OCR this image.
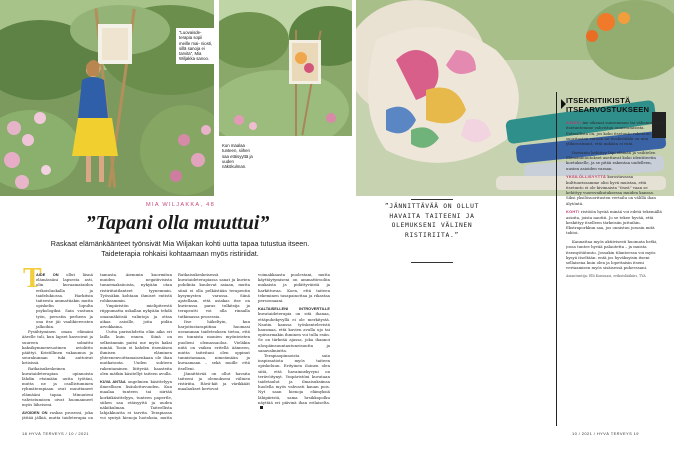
”Luovaisde- terapia sopii meille mai- niosti, sillä sanoja ei tarvita”, Mia Wiljakka sanoo.
Kun maalaa tunteen, siihen saa etäisyyttä ja uuden näkökulman.
MIA WILJAKKA, 48
”Tapani olla muuttui”

Raskaat elämänkäänteet työnsivät Mia Wiljakan kohti uutta tapaa tutustua itseen. Taideterapia rohkaisi kohtaamaan myös ristiriidat.

”JÄNNITTÄVÄÄ ON OLLUT HAVAITA TAITEENI JA OLEMUKSENI VÄLINEN RISTIRIITA.”

T

AIDE ON ollut läsnä elämässäni lapsesta asti, olin kuvaamataidon erikoisluokalla ja taidelukiossa. Harkitsin taiteesta ammattiakin mutta opiskelin lopulta psykologiksi. Sain vastuun työn, perustin perheen ja ona itse jäi vaalikierrosten jalkoihin.

Pysähtyminen oman elämäni äärelle tuli, kun lapset kasvoivat ja suureen solmittu kaksikymmenvuotinen avioliitto päättyi. Kristillinen vakaumus ja seurakunnan tuki auttoivat kriisissä.

Ratkaisukeskeinen kuvataideterapian opinnoista lähdin etsimään uutta työtäni, mutta ne ja osallistuminen ryhmäterapiaan ovat muuttaneet elämääni tapaa. Minuuteni vahvistumisen oivat huomanneet myös läheiseni.

AVOIDEN ON raskas prosessi, joka jättää jälkiä, mutta taideterapia on

tamusta. Aiemmin kuormitun muiden negatiivisista tunnemaksiioista, nykyään otan ristiriitatilanteet tyynemmin. Työssäkin kohtaan ihmiset entistä rohkeammin.

Ympäristön mielipiteestä riippumatta uskallan nykyään tehdä omannäköisiä valintoja ja ottaa aikaa asioille, joita pidän arvokkaina.

Uutta parisuhdetta elän aika eri lailla kuin ennen. Siinä on selkeämmin paitsi me myös kaksi minää. Tosin ei kahden itsenäisen ihmisen eläminen yhteenenvoittamaisenkaan ole ihan mutkatonta. Uuden suhteen rakentaminen liittyvää haasteita olen mätkin käsitellyt taiteen avulla.

KUVA ANTAA ongelmien käsittelyyn ilmeellisen lisäulottuvuuden. Kun maalaa tunteen tai siirtää korkiikäsittelyyn, tunteen papertle, siihen saa etäisyyttä ja uuden näkökulman. Taiteellista lahjakkuutta ei tarvita. Terapiassa voi syntyä hienoja luotoksia, mutta

Ratkaisukeskeisessä kuvataideterapiassa sanat ja kuvien pohdinta kuuluvat asiaan, mutta siinä ei olla pelkästään terapeutin kysymysten varassa. Siinä ajatellaan, että asiakas itse on kuvienssa paras tulkitsija ja terapeutti voi olla rinnalla tutkimassa prosessia.

Itse häkeltyin, kun harjoitustarapiitina huomasi useamman taideteoksen tietoa, että en tunnista monien myönteisten puolieni olemassaoloa. Vieläkin niitä on vaikea eritellä äänneen, mutta taiteitani olen oppinut tunnistamaan, nimeämään ja kuvaamaan – sekä muille että itselleni.

Jännittävää on ollut havaita taiteeni ja olemukseni välinen ristiriita. Rävä-kät ja värikkäät maalaukset kertovat

voimakkaasta puolestani, mutta käyttäytymiseni on ammattirooliin mukaista ja pidättyväistä ja harkittuvaa. Koen, että taiteen tekeminen tasapainottaa ja rikastaa persoonaani.

KALTAISELLENI INTROVERTILLE kuvataideterapia on sitä ihanaa, ettäpuhekyvyllä ei ole merkitystä. Nautin kanssa työskentelevistä hausmaa, että kuvien avulla ujo tai epävarmakin ihminen voi tulla esiin. Se on tärkeää ajassa, joka ihannoi ulospäinsuuntautuneisuutta ja sanavalmiutta.

Terapiaopinnoista sain inspiraatiota myös taiteen opiskeluun. Erityinen iloinen olen siitä, että havainnekyvyni on terävöitynyt. Ympäristöni kuvataan taidetaulut ja ilmaisuksiinsa huolella myös vahvasti kauan pois. Nyt saan hienoja elämyksiä lähipiiristä, sama hrsikkopolku näyttää eri päivinä ihan erilaiselta.

ITSEKRITIIKISTÄ ITSEARVOSTUKSEEN

KAIKKI me oikeaat suuremman tai vähemmän, ja itsetuntemme vahvistuu onnistumisista. Pulmallista on, jos koko itsetunto-rakentuu suoritusten varaan tai itsekritiikki on niin ylikorostunut, että mikään ei riitä.

Itsetunto kehittyy läpi elämän ja vaihtelee. Elämänmuutokset asettavat koko identiteetin koetukselle, ja se pitää rakentaa uudelleen, uusien asioiden varaan.

YKSILÖLLISYYTTÄ korostavassa kulttuurissamme olisi hyvä muistaa, että itsetunto ei ole kivimaista ”itseä” vaan se kehittyy vuorovaikutuksessa muiden kanssa. Siksi yksilösuoritusten vertailu on välillä ihan älytöntä.

KOHTI ristiöön hyvää minää voi edetä tekemällä asioita, joista nauttii. Jo se tekee hyvää, että keskittyy itselleen tärkeisiin juttuihin. Ekstraporkkun saa, jos onnistuu jossain mitä tahtoi.

Kannattaa myös aktiivisesti huomata hetki, jossa tuntee hyvää palautetta – ja muista itsemyötätunto. Jossakin tilanteessa voi myös kysyä itseltään: entä jos hyväksyisin itseni sellaisena kuin olen ja lopettaisin itseni vertaamisen myös sisäisessä puheessani.

Asiantuntija: Elli Konsuasi, erikoislääkäri, TYA

18 HYVÄ TERVEYS / 10 / 2021	10 / 2021 / HYVÄ TERVEYS 19
